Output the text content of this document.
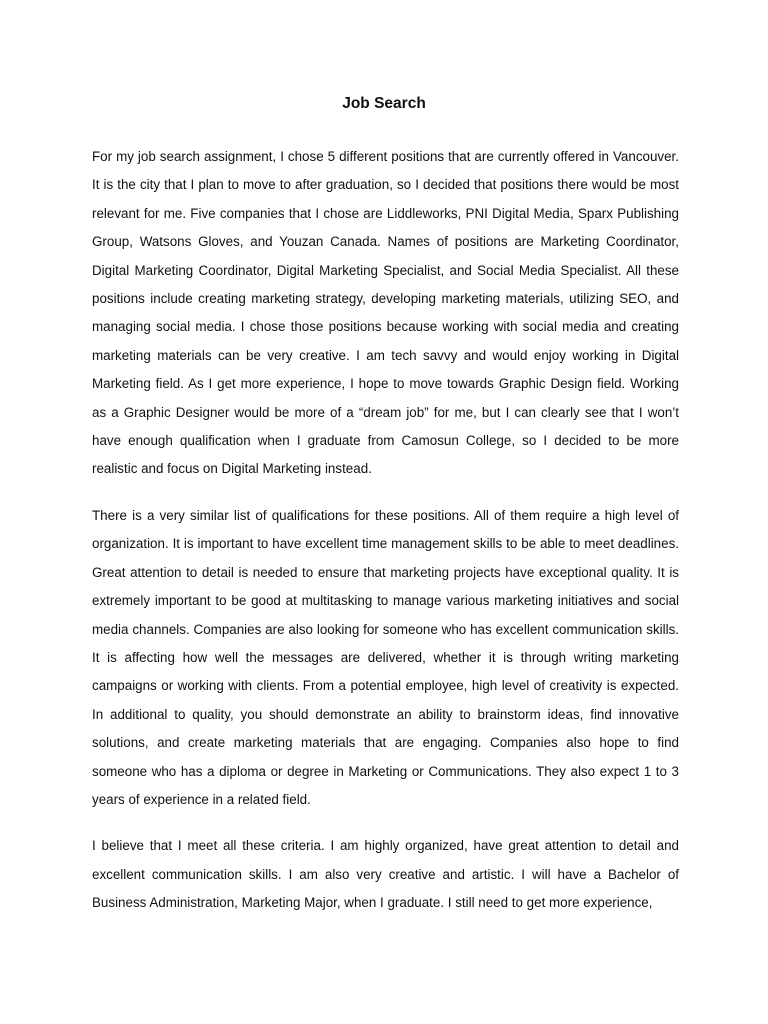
Job Search

For my job search assignment, I chose 5 different positions that are currently offered in Vancouver. It is the city that I plan to move to after graduation, so I decided that positions there would be most relevant for me. Five companies that I chose are Liddleworks, PNI Digital Media, Sparx Publishing Group, Watsons Gloves, and Youzan Canada. Names of positions are Marketing Coordinator, Digital Marketing Coordinator, Digital Marketing Specialist, and Social Media Specialist. All these positions include creating marketing strategy, developing marketing materials, utilizing SEO, and managing social media. I chose those positions because working with social media and creating marketing materials can be very creative. I am tech savvy and would enjoy working in Digital Marketing field. As I get more experience, I hope to move towards Graphic Design field. Working as a Graphic Designer would be more of a “dream job” for me, but I can clearly see that I won’t have enough qualification when I graduate from Camosun College, so I decided to be more realistic and focus on Digital Marketing instead.

There is a very similar list of qualifications for these positions. All of them require a high level of organization. It is important to have excellent time management skills to be able to meet deadlines. Great attention to detail is needed to ensure that marketing projects have exceptional quality. It is extremely important to be good at multitasking to manage various marketing initiatives and social media channels. Companies are also looking for someone who has excellent communication skills. It is affecting how well the messages are delivered, whether it is through writing marketing campaigns or working with clients. From a potential employee, high level of creativity is expected. In additional to quality, you should demonstrate an ability to brainstorm ideas, find innovative solutions, and create marketing materials that are engaging. Companies also hope to find someone who has a diploma or degree in Marketing or Communications. They also expect 1 to 3 years of experience in a related field.

I believe that I meet all these criteria. I am highly organized, have great attention to detail and excellent communication skills. I am also very creative and artistic. I will have a Bachelor of Business Administration, Marketing Major, when I graduate. I still need to get more experience,
